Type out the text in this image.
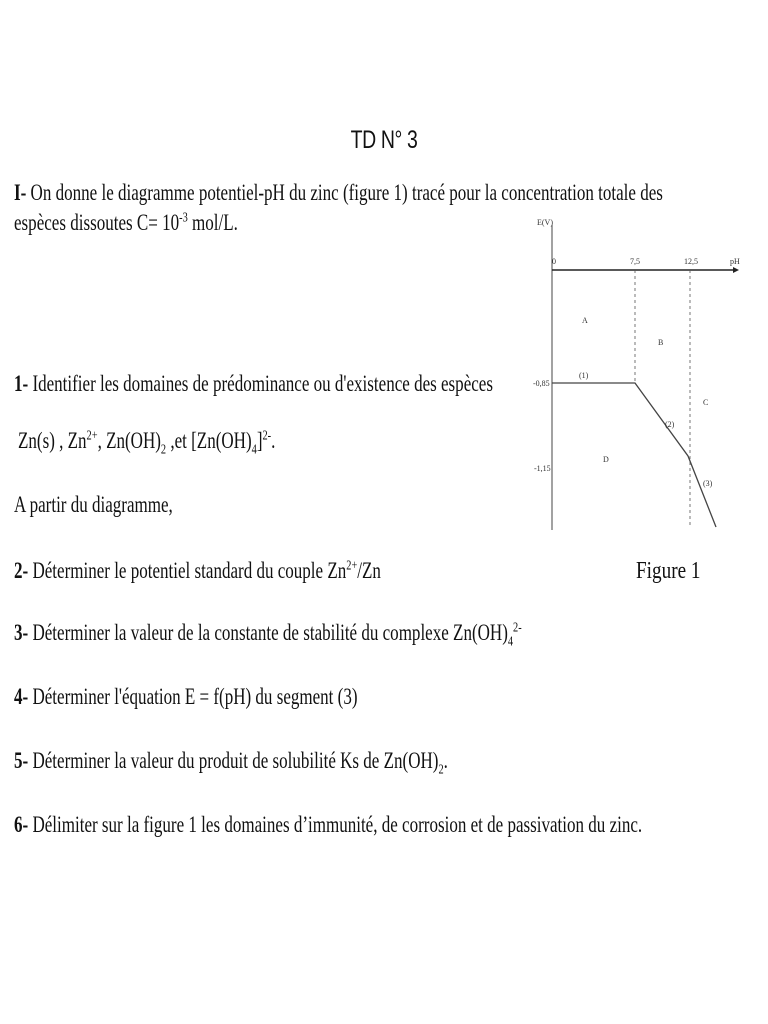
TD N° 3
I- On donne le diagramme potentiel-pH du zinc (figure 1) tracé pour la concentration totale des
espèces dissoutes $C= 10^{-3}$ mol/L.
1- Identifier les domaines de prédominance ou d'existence des espèces
Zn(s) , $Zn^{2+}$, $Zn(OH)_2$ ,et $[Zn(OH)_4]^{2-}$.
A partir du diagramme,
2- Déterminer le potentiel standard du couple $Zn^{2+}/Zn$	Figure 1
3- Déterminer la valeur de la constante de stabilité du complexe $Zn(OH)_4^{2-}$
4- Déterminer l'équation E = f(pH) du segment (3)
5- Déterminer la valeur du produit de solubilité Ks de $Zn(OH)_2$.
6- Délimiter sur la figure 1 les domaines d’immunité, de corrosion et de passivation du zinc.
E(V)
pH
0	7,5	12,5
-0,85
-1,15
(1)
(2)
(3)
A
B
C
D
